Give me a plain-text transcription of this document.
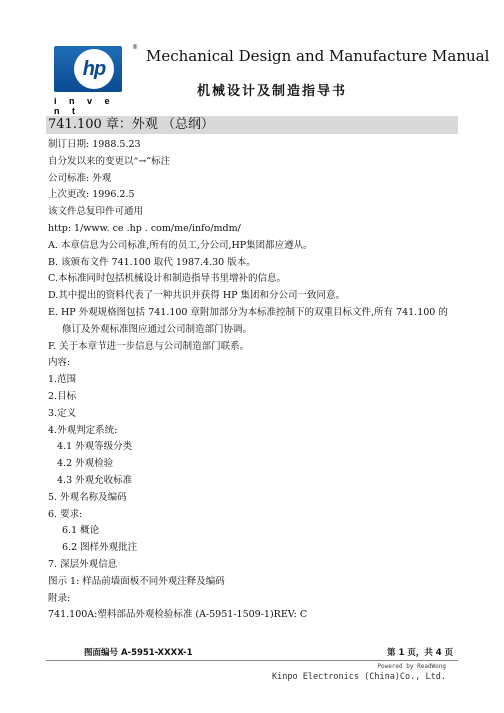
hp
®
i n v e n t
Mechanical Design and Manufacture Manual
机械设计及制造指导书
741.100 章：外观 （总纲）
制订日期: 1988.5.23
自分发以来的变更以“→”标注
公司标准: 外观
上次更改: 1996.2.5
该文件总复印件可通用
http: 1/www. ce .hp . com/me/info/mdm/
A. 本章信息为公司标准,所有的员工,分公司,HP集团都应遵从。
B. 该颁布文件 741.100 取代 1987.4.30 版本。
C.本标准同时包括机械设计和制造指导书里增补的信息。
D.其中提出的资料代表了一种共识并获得 HP 集团和分公司一致同意。
E. HP 外观规格图包括 741.100 章附加部分为本标准控制下的双重目标文件,所有 741.100 的
修订及外观标准图应通过公司制造部门协调。
F. 关于本章节进一步信息与公司制造部门联系。
内容:
1.范围
2.目标
3.定义
4.外观判定系统:
4.1 外观等级分类
4.2 外观检验
4.3 外观允收标准
5. 外观名称及编码
6. 要求:
6.1 概论
6.2 图样外观批注
7. 深层外观信息
图示 1: 样品前墙面板不同外观注释及编码
附录:
741.100A:塑料部品外观检验标准 (A-5951-1509-1)REV: C
图面编号 A-5951-XXXX-1	第 1 页，共 4 页
Powered by ReadWong
Kinpo Electronics (China)Co., Ltd.
